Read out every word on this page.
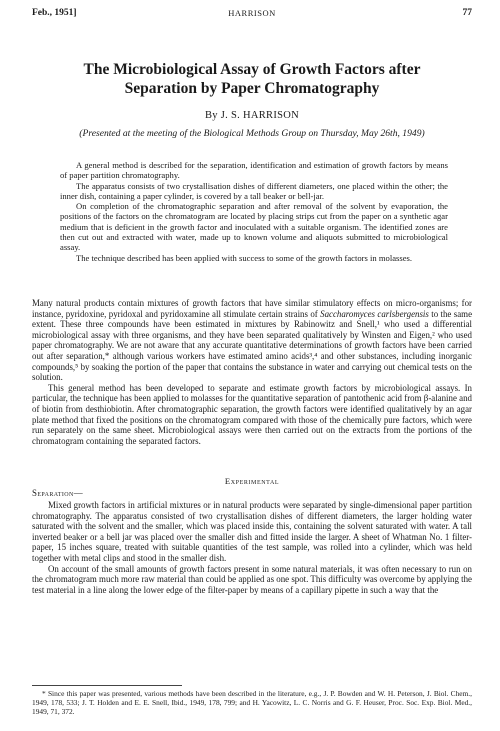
Feb., 1951]	HARRISON	77
The Microbiological Assay of Growth Factors after
Separation by Paper Chromatography

By J. S. HARRISON

(Presented at the meeting of the Biological Methods Group on Thursday, May 26th, 1949)

A general method is described for the separation, identification and estimation of growth factors by means of paper partition chromatography.

The apparatus consists of two crystallisation dishes of different diameters, one placed within the other; the inner dish, containing a paper cylinder, is covered by a tall beaker or bell-jar.

On completion of the chromatographic separation and after removal of the solvent by evaporation, the positions of the factors on the chromatogram are located by placing strips cut from the paper on a synthetic agar medium that is deficient in the growth factor and inoculated with a suitable organism. The identified zones are then cut out and extracted with water, made up to known volume and aliquots submitted to microbiological assay.

The technique described has been applied with success to some of the growth factors in molasses.

Many natural products contain mixtures of growth factors that have similar stimulatory effects on micro-organisms; for instance, pyridoxine, pyridoxal and pyridoxamine all stimulate certain strains of Saccharomyces carlsbergensis to the same extent. These three compounds have been estimated in mixtures by Rabinowitz and Snell,¹ who used a differential microbiological assay with three organisms, and they have been separated qualitatively by Winsten and Eigen,² who used paper chromatography. We are not aware that any accurate quantitative determinations of growth factors have been carried out after separation,* although various workers have estimated amino acids³,⁴ and other substances, including inorganic compounds,⁵ by soaking the portion of the paper that contains the substance in water and carrying out chemical tests on the solution.

This general method has been developed to separate and estimate growth factors by microbiological assays. In particular, the technique has been applied to molasses for the quantitative separation of pantothenic acid from β-alanine and of biotin from desthiobiotin. After chromatographic separation, the growth factors were identified qualitatively by an agar plate method that fixed the positions on the chromatogram compared with those of the chemically pure factors, which were run separately on the same sheet. Microbiological assays were then carried out on the extracts from the portions of the chromatogram containing the separated factors.

Experimental

Separation—

Mixed growth factors in artificial mixtures or in natural products were separated by single-dimensional paper partition chromatography. The apparatus consisted of two crystallisation dishes of different diameters, the larger holding water saturated with the solvent and the smaller, which was placed inside this, containing the solvent saturated with water. A tall inverted beaker or a bell jar was placed over the smaller dish and fitted inside the larger. A sheet of Whatman No. 1 filter-paper, 15 inches square, treated with suitable quantities of the test sample, was rolled into a cylinder, which was held together with metal clips and stood in the smaller dish.

On account of the small amounts of growth factors present in some natural materials, it was often necessary to run on the chromatogram much more raw material than could be applied as one spot. This difficulty was overcome by applying the test material in a line along the lower edge of the filter-paper by means of a capillary pipette in such a way that the

* Since this paper was presented, various methods have been described in the literature, e.g., J. P. Bowden and W. H. Peterson, J. Biol. Chem., 1949, 178, 533; J. T. Holden and E. E. Snell, Ibid., 1949, 178, 799; and H. Yacowitz, L. C. Norris and G. F. Heuser, Proc. Soc. Exp. Biol. Med., 1949, 71, 372.
